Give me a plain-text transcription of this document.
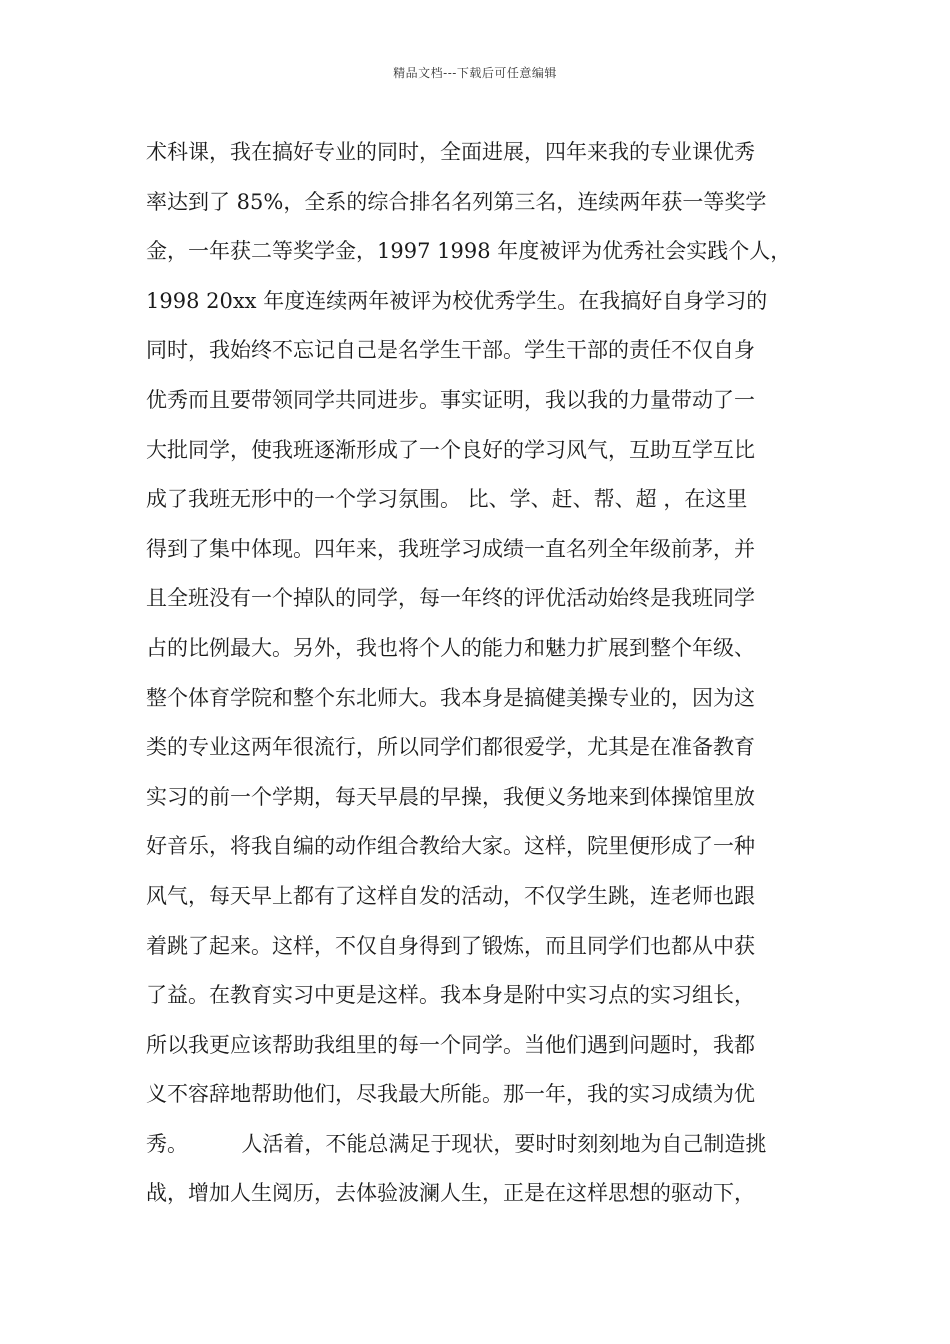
精品文档---下载后可任意编辑
术科课，我在搞好专业的同时，全面进展，四年来我的专业课优秀
率达到了 85%，全系的综合排名名列第三名，连续两年获一等奖学
金，一年获二等奖学金，1997 1998 年度被评为优秀社会实践个人，
1998 20xx 年度连续两年被评为校优秀学生。在我搞好自身学习的
同时，我始终不忘记自己是名学生干部。学生干部的责任不仅自身
优秀而且要带领同学共同进步。事实证明，我以我的力量带动了一
大批同学，使我班逐渐形成了一个良好的学习风气，互助互学互比
成了我班无形中的一个学习氛围。 比、学、赶、帮、超 ，在这里
得到了集中体现。四年来，我班学习成绩一直名列全年级前茅，并
且全班没有一个掉队的同学，每一年终的评优活动始终是我班同学
占的比例最大。另外，我也将个人的能力和魅力扩展到整个年级、
整个体育学院和整个东北师大。我本身是搞健美操专业的，因为这
类的专业这两年很流行，所以同学们都很爱学，尤其是在准备教育
实习的前一个学期，每天早晨的早操，我便义务地来到体操馆里放
好音乐，将我自编的动作组合教给大家。这样，院里便形成了一种
风气，每天早上都有了这样自发的活动，不仅学生跳，连老师也跟
着跳了起来。这样，不仅自身得到了锻炼，而且同学们也都从中获
了益。在教育实习中更是这样。我本身是附中实习点的实习组长，
所以我更应该帮助我组里的每一个同学。当他们遇到问题时，我都
义不容辞地帮助他们，尽我最大所能。那一年，我的实习成绩为优
秀。        人活着，不能总满足于现状，要时时刻刻地为自己制造挑
战，增加人生阅历，去体验波澜人生，正是在这样思想的驱动下，
